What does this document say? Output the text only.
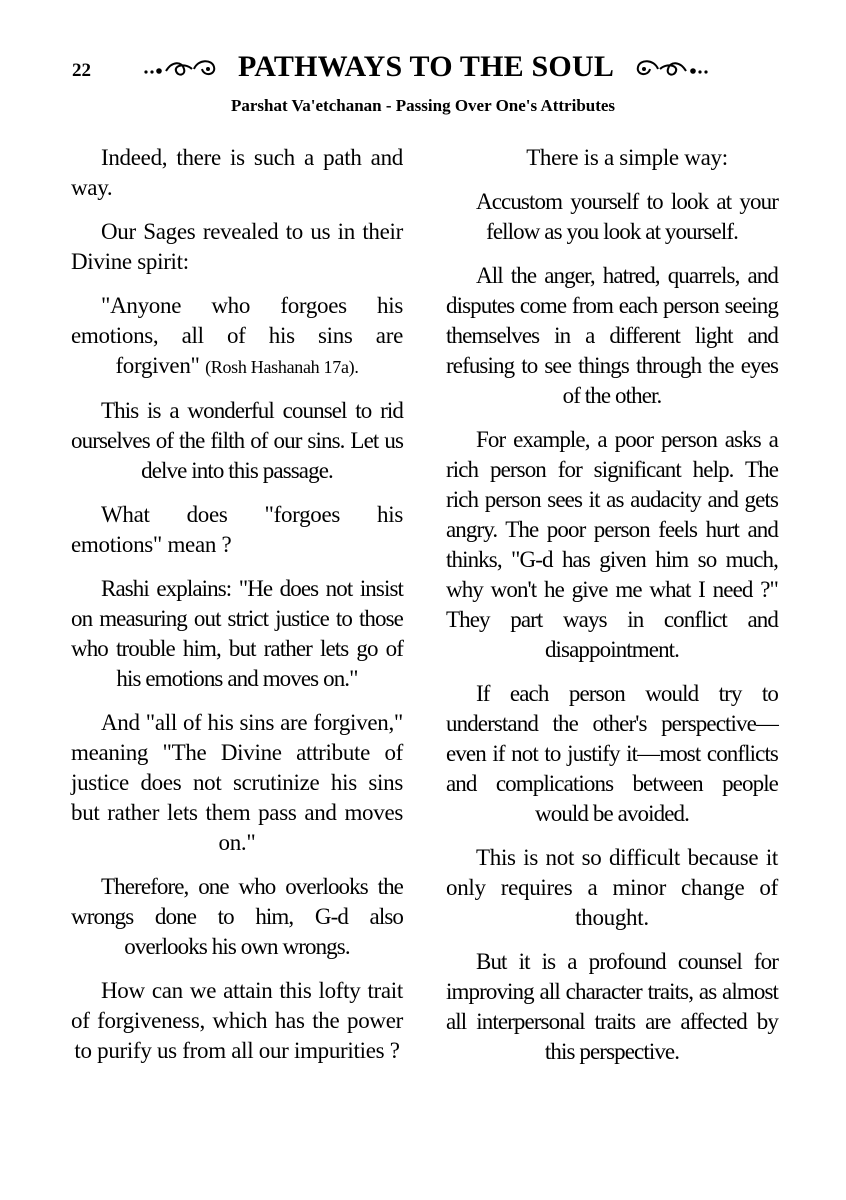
22	PATHWAYS TO THE SOUL
Parshat Va'etchanan - Passing Over One's Attributes

Indeed, there is such a path and way.

Our Sages revealed to us in their Divine spirit:

"Anyone who forgoes his emotions, all of his sins are forgiven" (Rosh Hashanah 17a).

This is a wonderful counsel to rid ourselves of the filth of our sins. Let us delve into this passage.

What does "forgoes his emotions" mean ?

Rashi explains: "He does not insist on measuring out strict justice to those who trouble him, but rather lets go of his emotions and moves on."

And "all of his sins are forgiven," meaning "The Divine attribute of justice does not scrutinize his sins but rather lets them pass and moves on."

Therefore, one who overlooks the wrongs done to him, G-d also overlooks his own wrongs.

How can we attain this lofty trait of forgiveness, which has the power to purify us from all our impurities ?

There is a simple way:

Accustom yourself to look at your fellow as you look at yourself.

All the anger, hatred, quarrels, and disputes come from each person seeing themselves in a different light and refusing to see things through the eyes of the other.

For example, a poor person asks a rich person for significant help. The rich person sees it as audacity and gets angry. The poor person feels hurt and thinks, "G-d has given him so much, why won't he give me what I need ?" They part ways in conflict and disappointment.

If each person would try to understand the other's perspective—even if not to justify it—most conflicts and complications between people would be avoided.

This is not so difficult because it only requires a minor change of thought.

But it is a profound counsel for improving all character traits, as almost all interpersonal traits are affected by this perspective.
